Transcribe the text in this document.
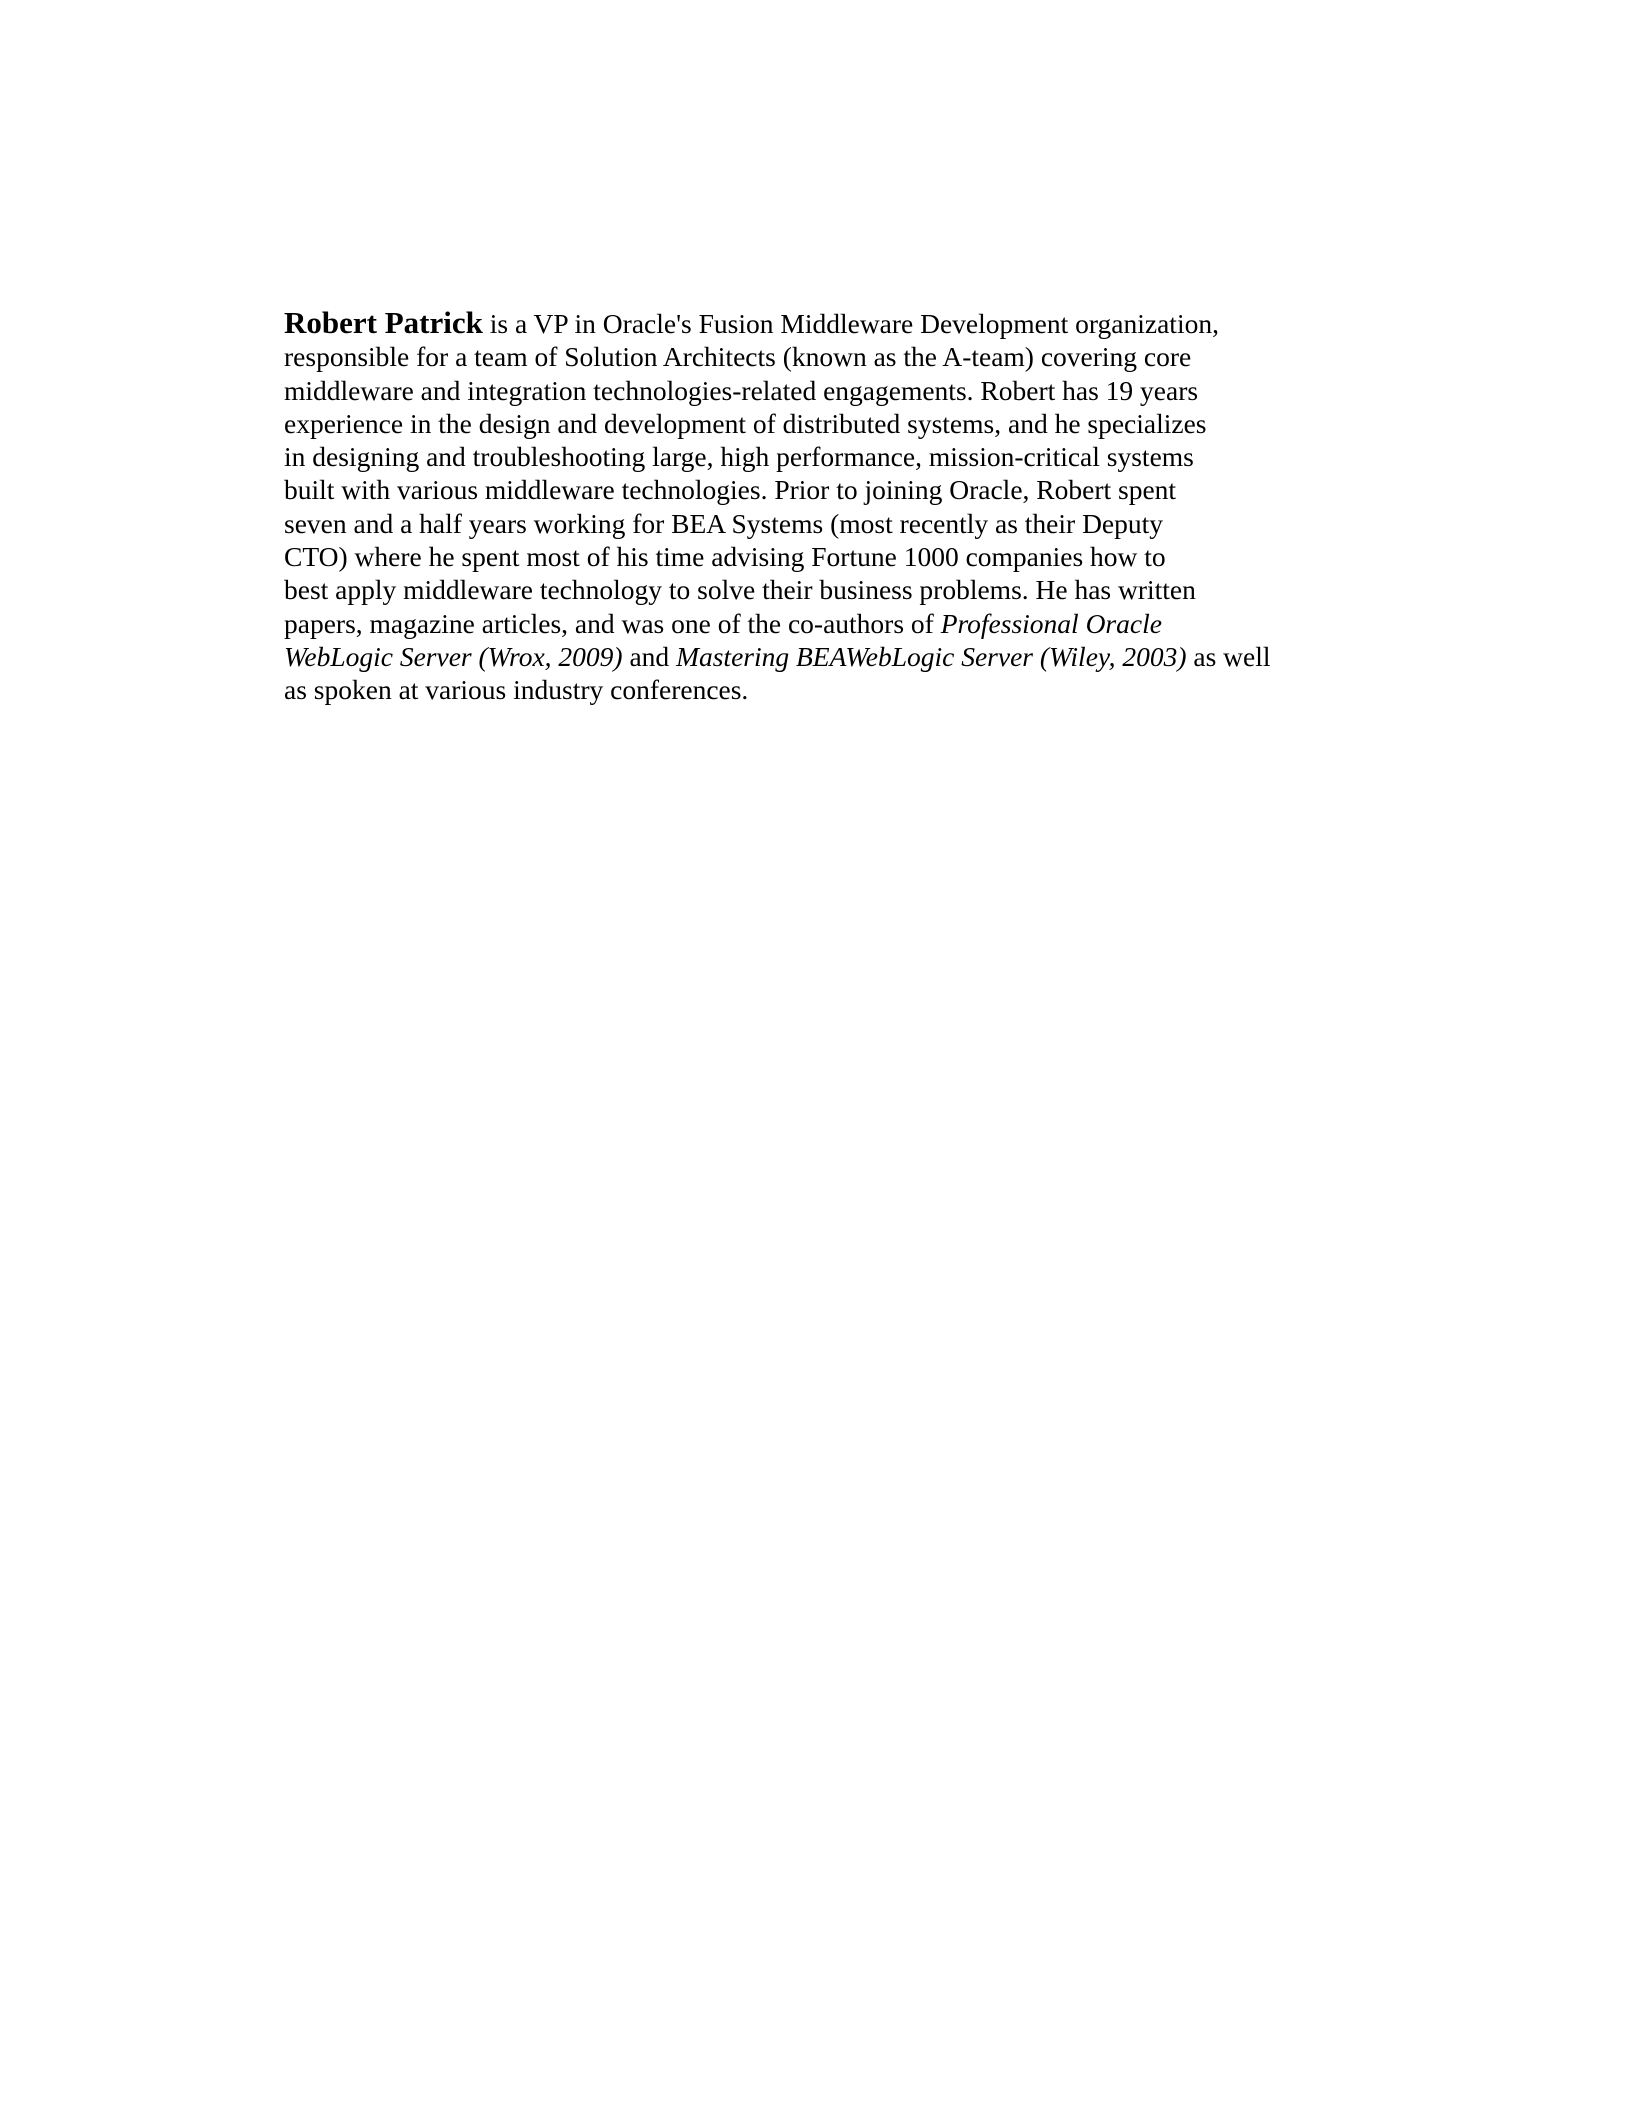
Robert Patrick is a VP in Oracle's Fusion Middleware Development organization,
responsible for a team of Solution Architects (known as the A-team) covering core
middleware and integration technologies-related engagements. Robert has 19 years
experience in the design and development of distributed systems, and he specializes
in designing and troubleshooting large, high performance, mission-critical systems
built with various middleware technologies. Prior to joining Oracle, Robert spent
seven and a half years working for BEA Systems (most recently as their Deputy
CTO) where he spent most of his time advising Fortune 1000 companies how to
best apply middleware technology to solve their business problems. He has written
papers, magazine articles, and was one of the co-authors of Professional Oracle
WebLogic Server (Wrox, 2009) and Mastering BEAWebLogic Server (Wiley, 2003) as well
as spoken at various industry conferences.
